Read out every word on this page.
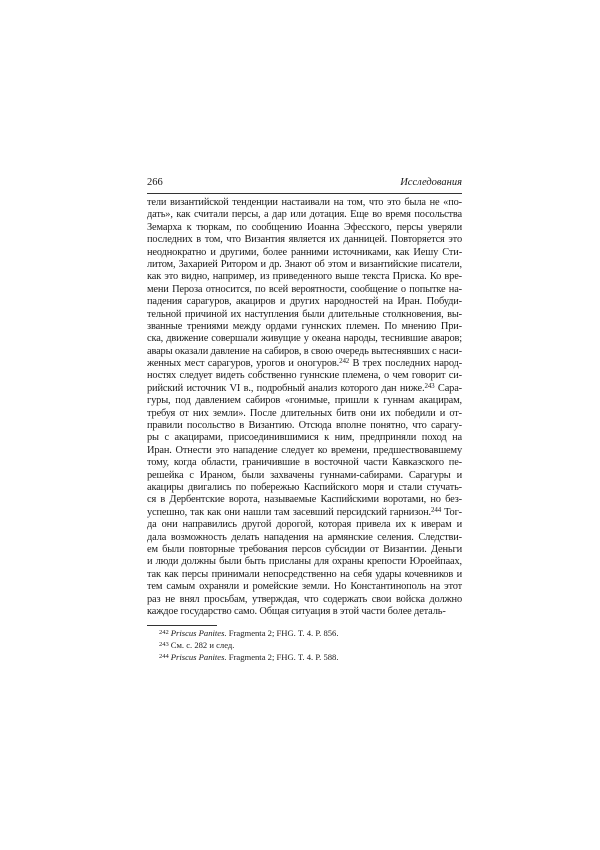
266	Исследования
тели византийской тенденции настаивали на том, что это была не «по-
дать», как считали персы, а дар или дотация. Еще во время посольства
Земарха к тюркам, по сообщению Иоанна Эфесского, персы уверяли
последних в том, что Византия является их данницей. Повторяется это
неоднократно и другими, более ранними источниками, как Иешу Сти-
литом, Захарией Ритором и др. Знают об этом и византийские писатели,
как это видно, например, из приведенного выше текста Приска. Ко вре-
мени Пероза относится, по всей вероятности, сообщение о попытке на-
падения сарагуров, акациров и других народностей на Иран. Побуди-
тельной причиной их наступления были длительные столкновения, вы-
званные трениями между ордами гуннских племен. По мнению При-
ска, движение совершали живущие у океана народы, теснившие аваров;
авары оказали давление на сабиров, в свою очередь вытеснявших с наси-
женных мест сарагуров, урогов и оногуров.$^{242}$ В трех последних народ-
ностях следует видеть собственно гуннские племена, о чем говорит си-
рийский источник VI в., подробный анализ которого дан ниже.$^{243}$ Сара-
гуры, под давлением сабиров «гонимые, пришли к гуннам акацирам,
требуя от них земли». После длительных битв они их победили и от-
правили посольство в Византию. Отсюда вполне понятно, что сарагу-
ры с акацирами, присоединившимися к ним, предприняли поход на
Иран. Отнести это нападение следует ко времени, предшествовавшему
тому, когда области, граничившие в восточной части Кавказского пе-
решейка с Ираном, были захвачены гуннами-сабирами. Сарагуры и
акациры двигались по побережью Каспийского моря и стали стучать-
ся в Дербентские ворота, называемые Каспийскими воротами, но без-
успешно, так как они нашли там засевший персидский гарнизон.$^{244}$ Тог-
да они направились другой дорогой, которая привела их к иверам и
дала возможность делать нападения на армянские селения. Следстви-
ем были повторные требования персов субсидии от Византии. Деньги
и люди должны были быть присланы для охраны крепости Юроейпаах,
так как персы принимали непосредственно на себя удары кочевников и
тем самым охраняли и ромейские земли. Но Константинополь на этот
раз не внял просьбам, утверждая, что содержать свои войска должно
каждое государство само. Общая ситуация в этой части более деталь-
$^{242}$ Priscus Panites. Fragmenta 2; FHG. T. 4. P. 856.
$^{243}$ См. с. 282 и след.
$^{244}$ Priscus Panites. Fragmenta 2; FHG. T. 4. P. 588.
